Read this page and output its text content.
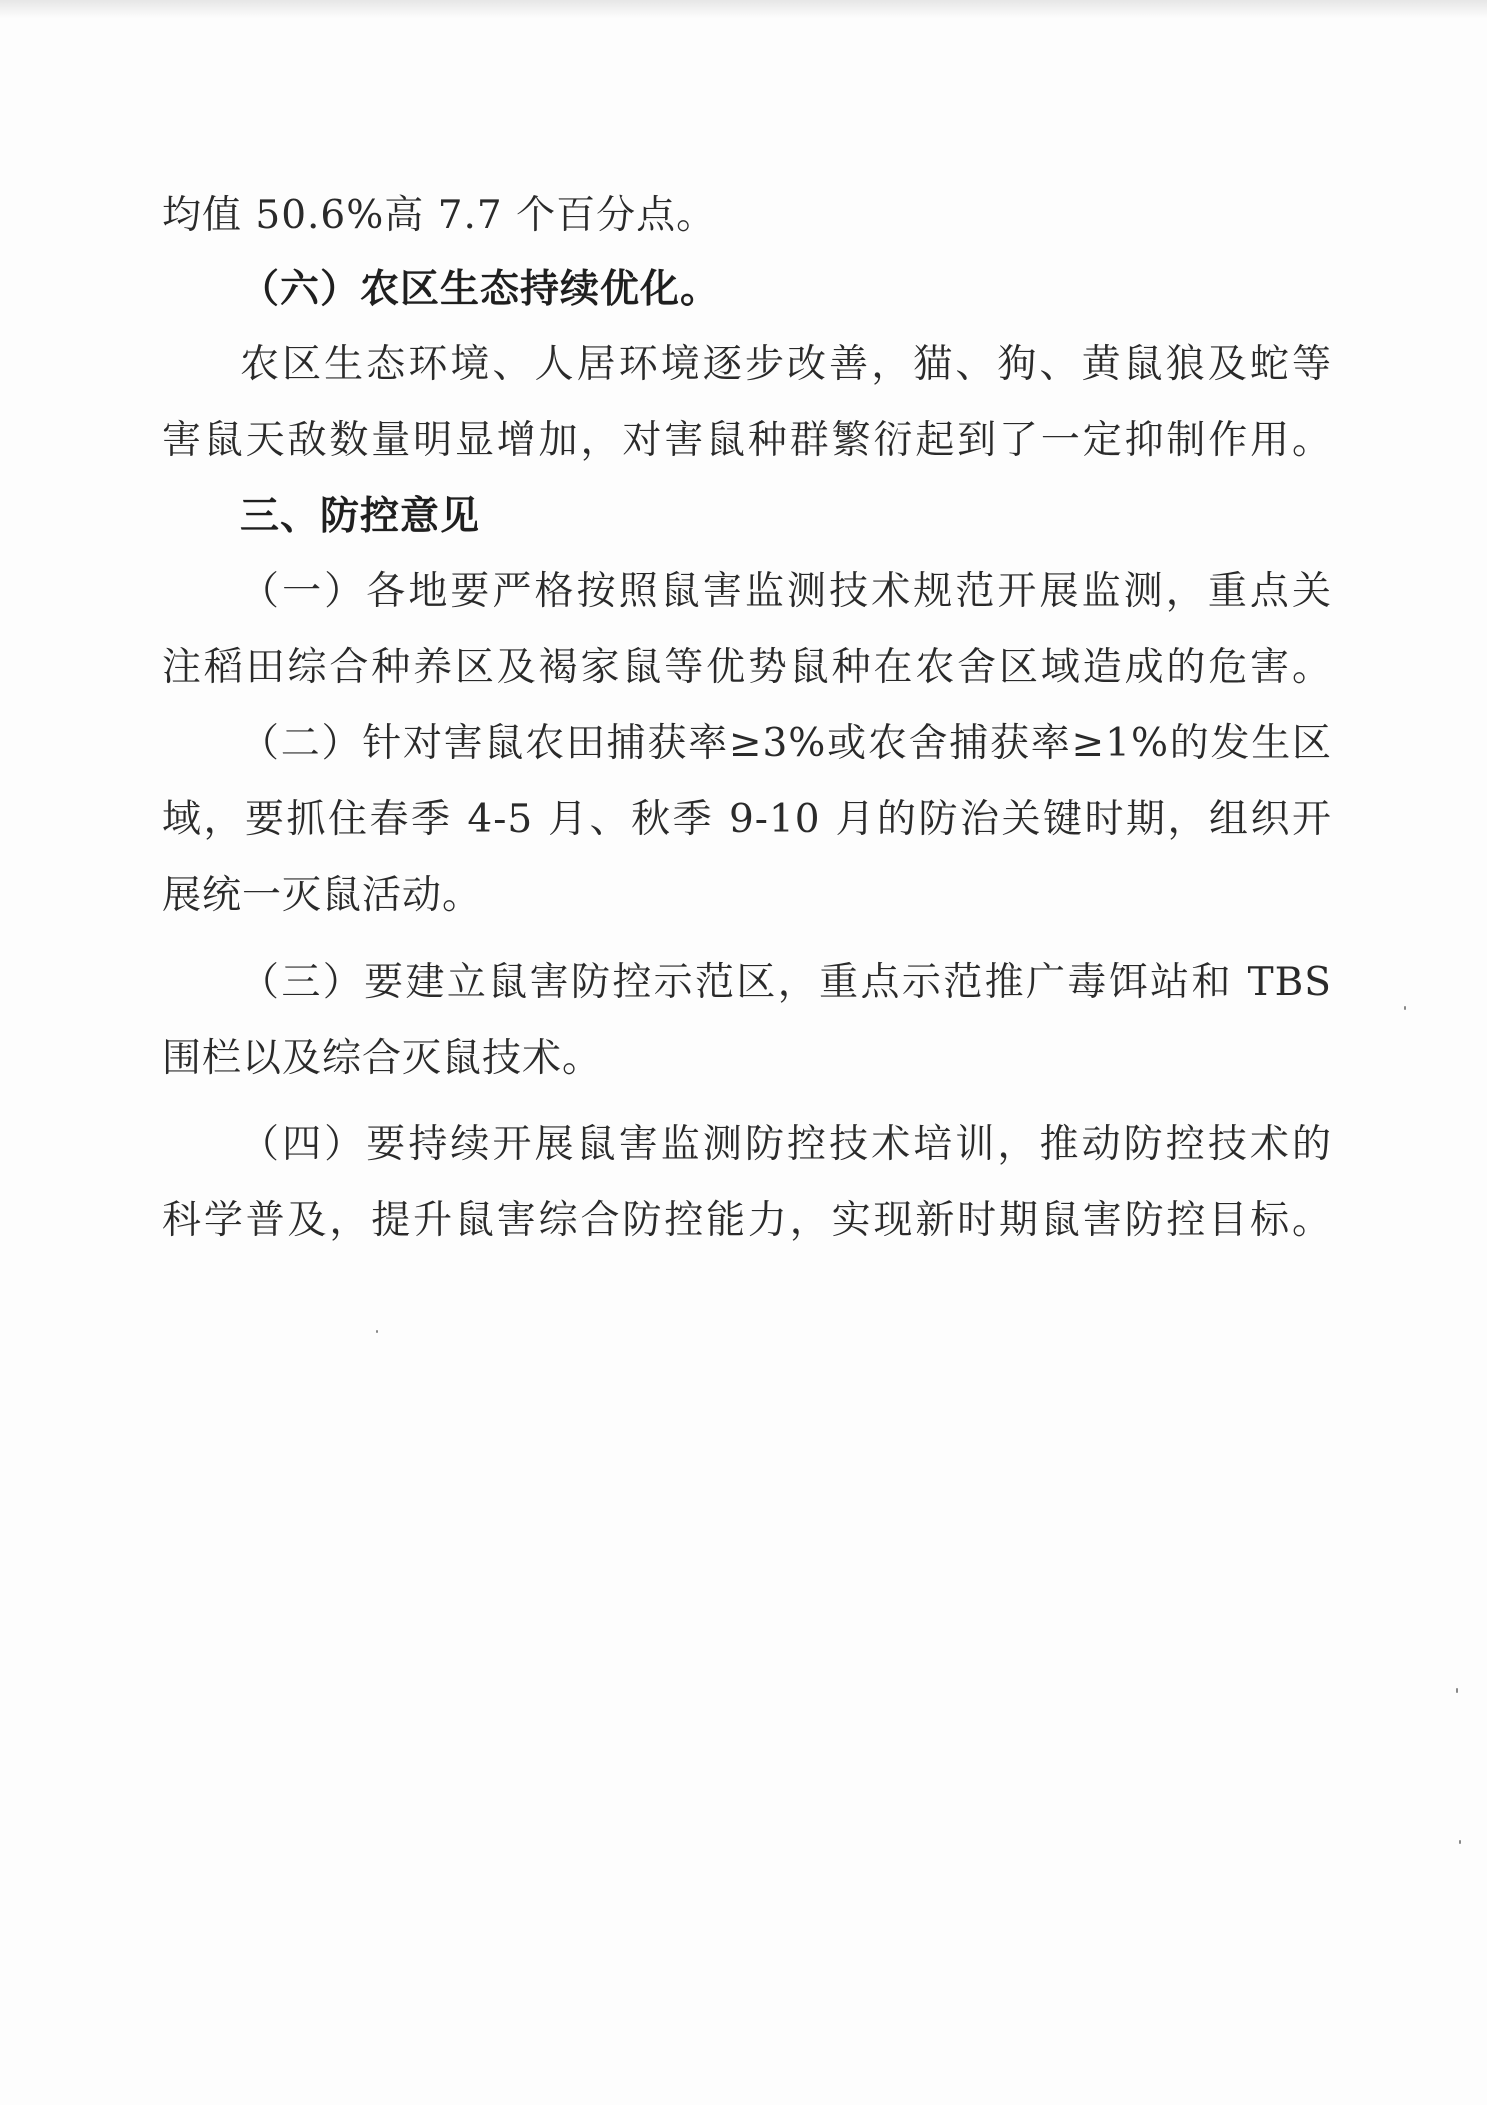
均值 50.6%高 7.7 个百分点。
（六）农区生态持续优化。
农区生态环境、人居环境逐步改善，猫、狗、黄鼠狼及蛇等
害鼠天敌数量明显增加，对害鼠种群繁衍起到了一定抑制作用。
三、防控意见
（一）各地要严格按照鼠害监测技术规范开展监测，重点关
注稻田综合种养区及褐家鼠等优势鼠种在农舍区域造成的危害。
（二）针对害鼠农田捕获率≥3%或农舍捕获率≥1%的发生区
域，要抓住春季 4-5 月、秋季 9-10 月的防治关键时期，组织开
展统一灭鼠活动。
（三）要建立鼠害防控示范区，重点示范推广毒饵站和 TBS
围栏以及综合灭鼠技术。
（四）要持续开展鼠害监测防控技术培训，推动防控技术的
科学普及，提升鼠害综合防控能力，实现新时期鼠害防控目标。
